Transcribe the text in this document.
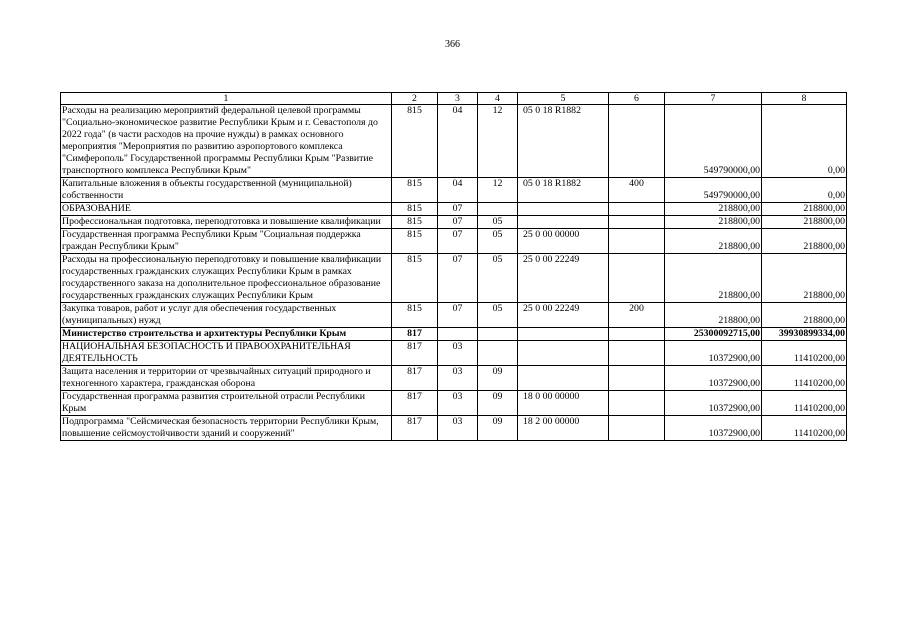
366
1	2	3	4	5	6	7	8
Расходы на реализацию мероприятий федеральной целевой программы "Социально-экономическое развитие Республики Крым и г. Севастополя до 2022 года" (в части расходов на прочие нужды) в рамках основного мероприятия "Мероприятия по развитию аэропортового комплекса "Симферополь" Государственной программы Республики Крым "Развитие транспортного комплекса Республики Крым"	815	04	12	05 0 18 R1882		549790000,00	0,00
Капитальные вложения в объекты государственной (муниципальной) собственности	815	04	12	05 0 18 R1882	400	549790000,00	0,00
ОБРАЗОВАНИЕ	815	07				218800,00	218800,00
Профессиональная подготовка, переподготовка и повышение квалификации	815	07	05			218800,00	218800,00
Государственная программа Республики Крым "Социальная поддержка граждан Республики Крым"	815	07	05	25 0 00 00000		218800,00	218800,00
Расходы на профессиональную переподготовку и повышение квалификации государственных гражданских служащих Республики Крым в рамках государственного заказа на дополнительное профессиональное образование государственных гражданских служащих Республики Крым	815	07	05	25 0 00 22249		218800,00	218800,00
Закупка товаров, работ и услуг для обеспечения государственных (муниципальных) нужд	815	07	05	25 0 00 22249	200	218800,00	218800,00
Министерство строительства и архитектуры Республики Крым	817					25300092715,00	39930899334,00
НАЦИОНАЛЬНАЯ БЕЗОПАСНОСТЬ И ПРАВООХРАНИТЕЛЬНАЯ ДЕЯТЕЛЬНОСТЬ	817	03				10372900,00	11410200,00
Защита населения и территории от чрезвычайных ситуаций природного и техногенного характера, гражданская оборона	817	03	09			10372900,00	11410200,00
Государственная программа развития строительной отрасли Республики Крым	817	03	09	18 0 00 00000		10372900,00	11410200,00
Подпрограмма "Сейсмическая безопасность территории Республики Крым, повышение сейсмоустойчивости зданий и сооружений"	817	03	09	18 2 00 00000		10372900,00	11410200,00
